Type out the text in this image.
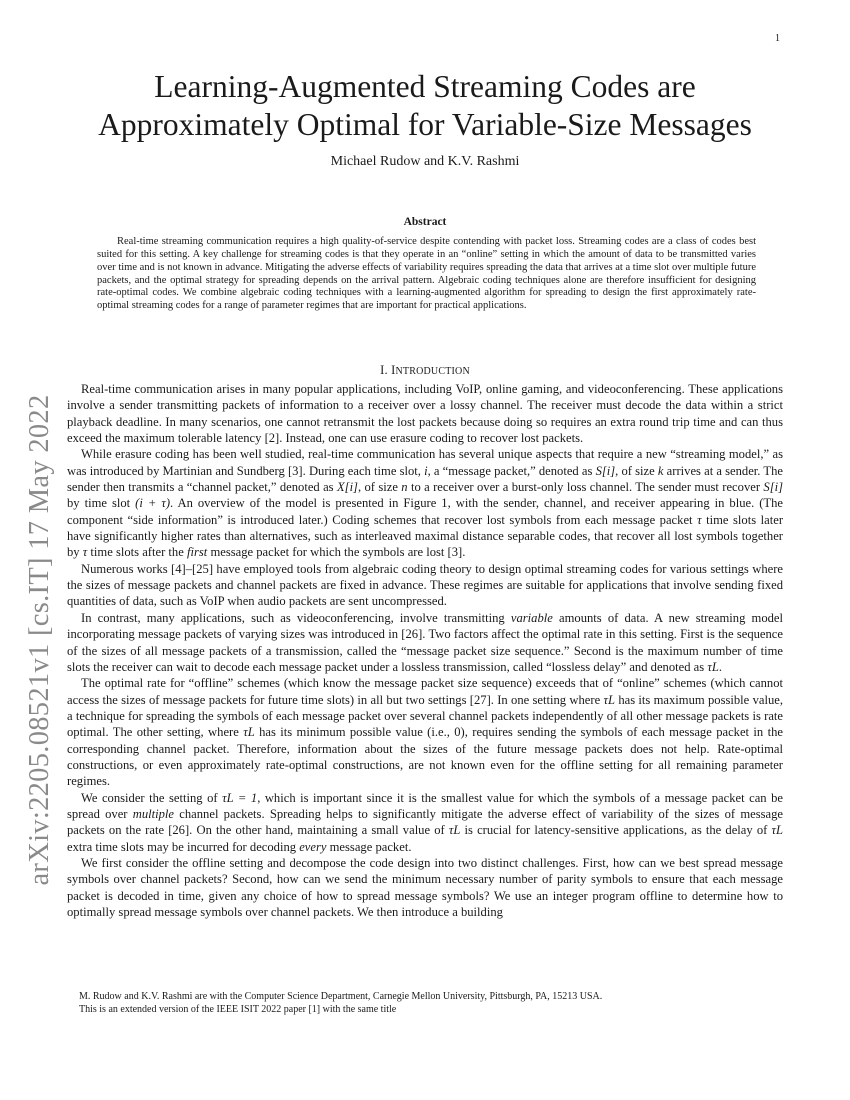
1
arXiv:2205.08521v1 [cs.IT] 17 May 2022
Learning-Augmented Streaming Codes are
Approximately Optimal for Variable-Size Messages
Michael Rudow and K.V. Rashmi
Abstract

Real-time streaming communication requires a high quality-of-service despite contending with packet loss. Streaming codes are a class of codes best suited for this setting. A key challenge for streaming codes is that they operate in an “online” setting in which the amount of data to be transmitted varies over time and is not known in advance. Mitigating the adverse effects of variability requires spreading the data that arrives at a time slot over multiple future packets, and the optimal strategy for spreading depends on the arrival pattern. Algebraic coding techniques alone are therefore insufficient for designing rate-optimal codes. We combine algebraic coding techniques with a learning-augmented algorithm for spreading to design the first approximately rate-optimal streaming codes for a range of parameter regimes that are important for practical applications.

I. INTRODUCTION

Real-time communication arises in many popular applications, including VoIP, online gaming, and videoconferencing. These applications involve a sender transmitting packets of information to a receiver over a lossy channel. The receiver must decode the data within a strict playback deadline. In many scenarios, one cannot retransmit the lost packets because doing so requires an extra round trip time and can thus exceed the maximum tolerable latency [2]. Instead, one can use erasure coding to recover lost packets.

While erasure coding has been well studied, real-time communication has several unique aspects that require a new “streaming model,” as was introduced by Martinian and Sundberg [3]. During each time slot, i, a “message packet,” denoted as S[i], of size k arrives at a sender. The sender then transmits a “channel packet,” denoted as X[i], of size n to a receiver over a burst-only loss channel. The sender must recover S[i] by time slot (i + τ). An overview of the model is presented in Figure 1, with the sender, channel, and receiver appearing in blue. (The component “side information” is introduced later.) Coding schemes that recover lost symbols from each message packet τ time slots later have significantly higher rates than alternatives, such as interleaved maximal distance separable codes, that recover all lost symbols together by τ time slots after the first message packet for which the symbols are lost [3].

Numerous works [4]–[25] have employed tools from algebraic coding theory to design optimal streaming codes for various settings where the sizes of message packets and channel packets are fixed in advance. These regimes are suitable for applications that involve sending fixed quantities of data, such as VoIP when audio packets are sent uncompressed.

In contrast, many applications, such as videoconferencing, involve transmitting variable amounts of data. A new streaming model incorporating message packets of varying sizes was introduced in [26]. Two factors affect the optimal rate in this setting. First is the sequence of the sizes of all message packets of a transmission, called the “message packet size sequence.” Second is the maximum number of time slots the receiver can wait to decode each message packet under a lossless transmission, called “lossless delay” and denoted as τL.

The optimal rate for “offline” schemes (which know the message packet size sequence) exceeds that of “online” schemes (which cannot access the sizes of message packets for future time slots) in all but two settings [27]. In one setting where τL has its maximum possible value, a technique for spreading the symbols of each message packet over several channel packets independently of all other message packets is rate optimal. The other setting, where τL has its minimum possible value (i.e., 0), requires sending the symbols of each message packet in the corresponding channel packet. Therefore, information about the sizes of the future message packets does not help. Rate-optimal constructions, or even approximately rate-optimal constructions, are not known even for the offline setting for all remaining parameter regimes.

We consider the setting of τL = 1, which is important since it is the smallest value for which the symbols of a message packet can be spread over multiple channel packets. Spreading helps to significantly mitigate the adverse effect of variability of the sizes of message packets on the rate [26]. On the other hand, maintaining a small value of τL is crucial for latency-sensitive applications, as the delay of τL extra time slots may be incurred for decoding every message packet.

We first consider the offline setting and decompose the code design into two distinct challenges. First, how can we best spread message symbols over channel packets? Second, how can we send the minimum necessary number of parity symbols to ensure that each message packet is decoded in time, given any choice of how to spread message symbols? We use an integer program offline to determine how to optimally spread message symbols over channel packets. We then introduce a building

M. Rudow and K.V. Rashmi are with the Computer Science Department, Carnegie Mellon University, Pittsburgh, PA, 15213 USA.
This is an extended version of the IEEE ISIT 2022 paper [1] with the same title
